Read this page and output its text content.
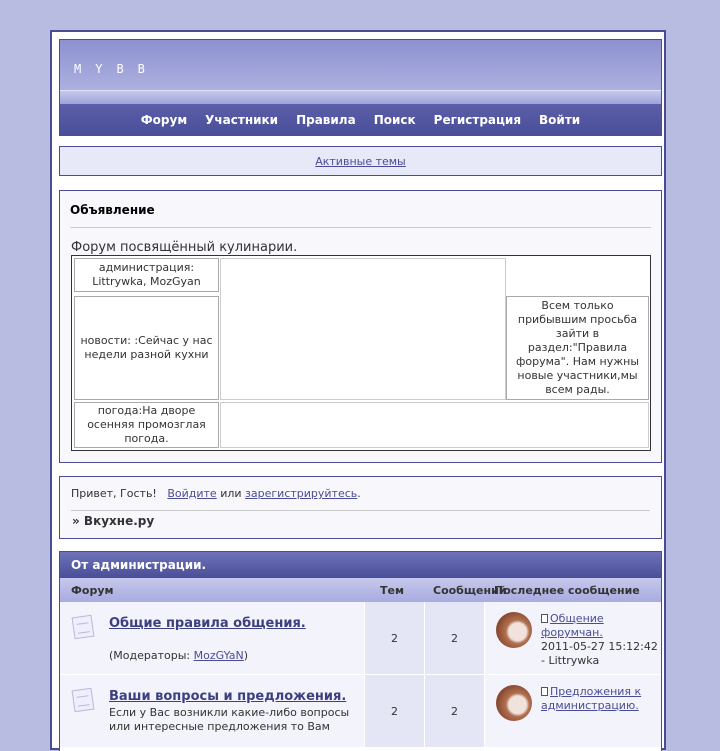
MYBB
Форум Участники Правила Поиск Регистрация Войти
Активные темы
Объявление
Форум посвящённый кулинарии.
администрация: Littrywka, MozGyan
новости: :Сейчас у нас недели разной кухни
Всем только прибывшим просьба зайти в раздел:"Правила форума". Нам нужны новые участники,мы всем рады.
погода:На дворе осенняя промозглая погода.
Привет, Гость! Войдите или зарегистрируйтесь.
» Вкухне.ру
От администрации.
Форум	Тем	Сообщений
Последнее сообщение
Общие правила общения.
(Модераторы: MozGYaN)
2	2
Общение форумчан.
2011-05-27 15:12:42 - Littrywka
Ваши вопросы и предложения.
Если у Вас возникли какие-либо вопросы или интересные предложения то Вам
2	2
Предложения к администрацию.
